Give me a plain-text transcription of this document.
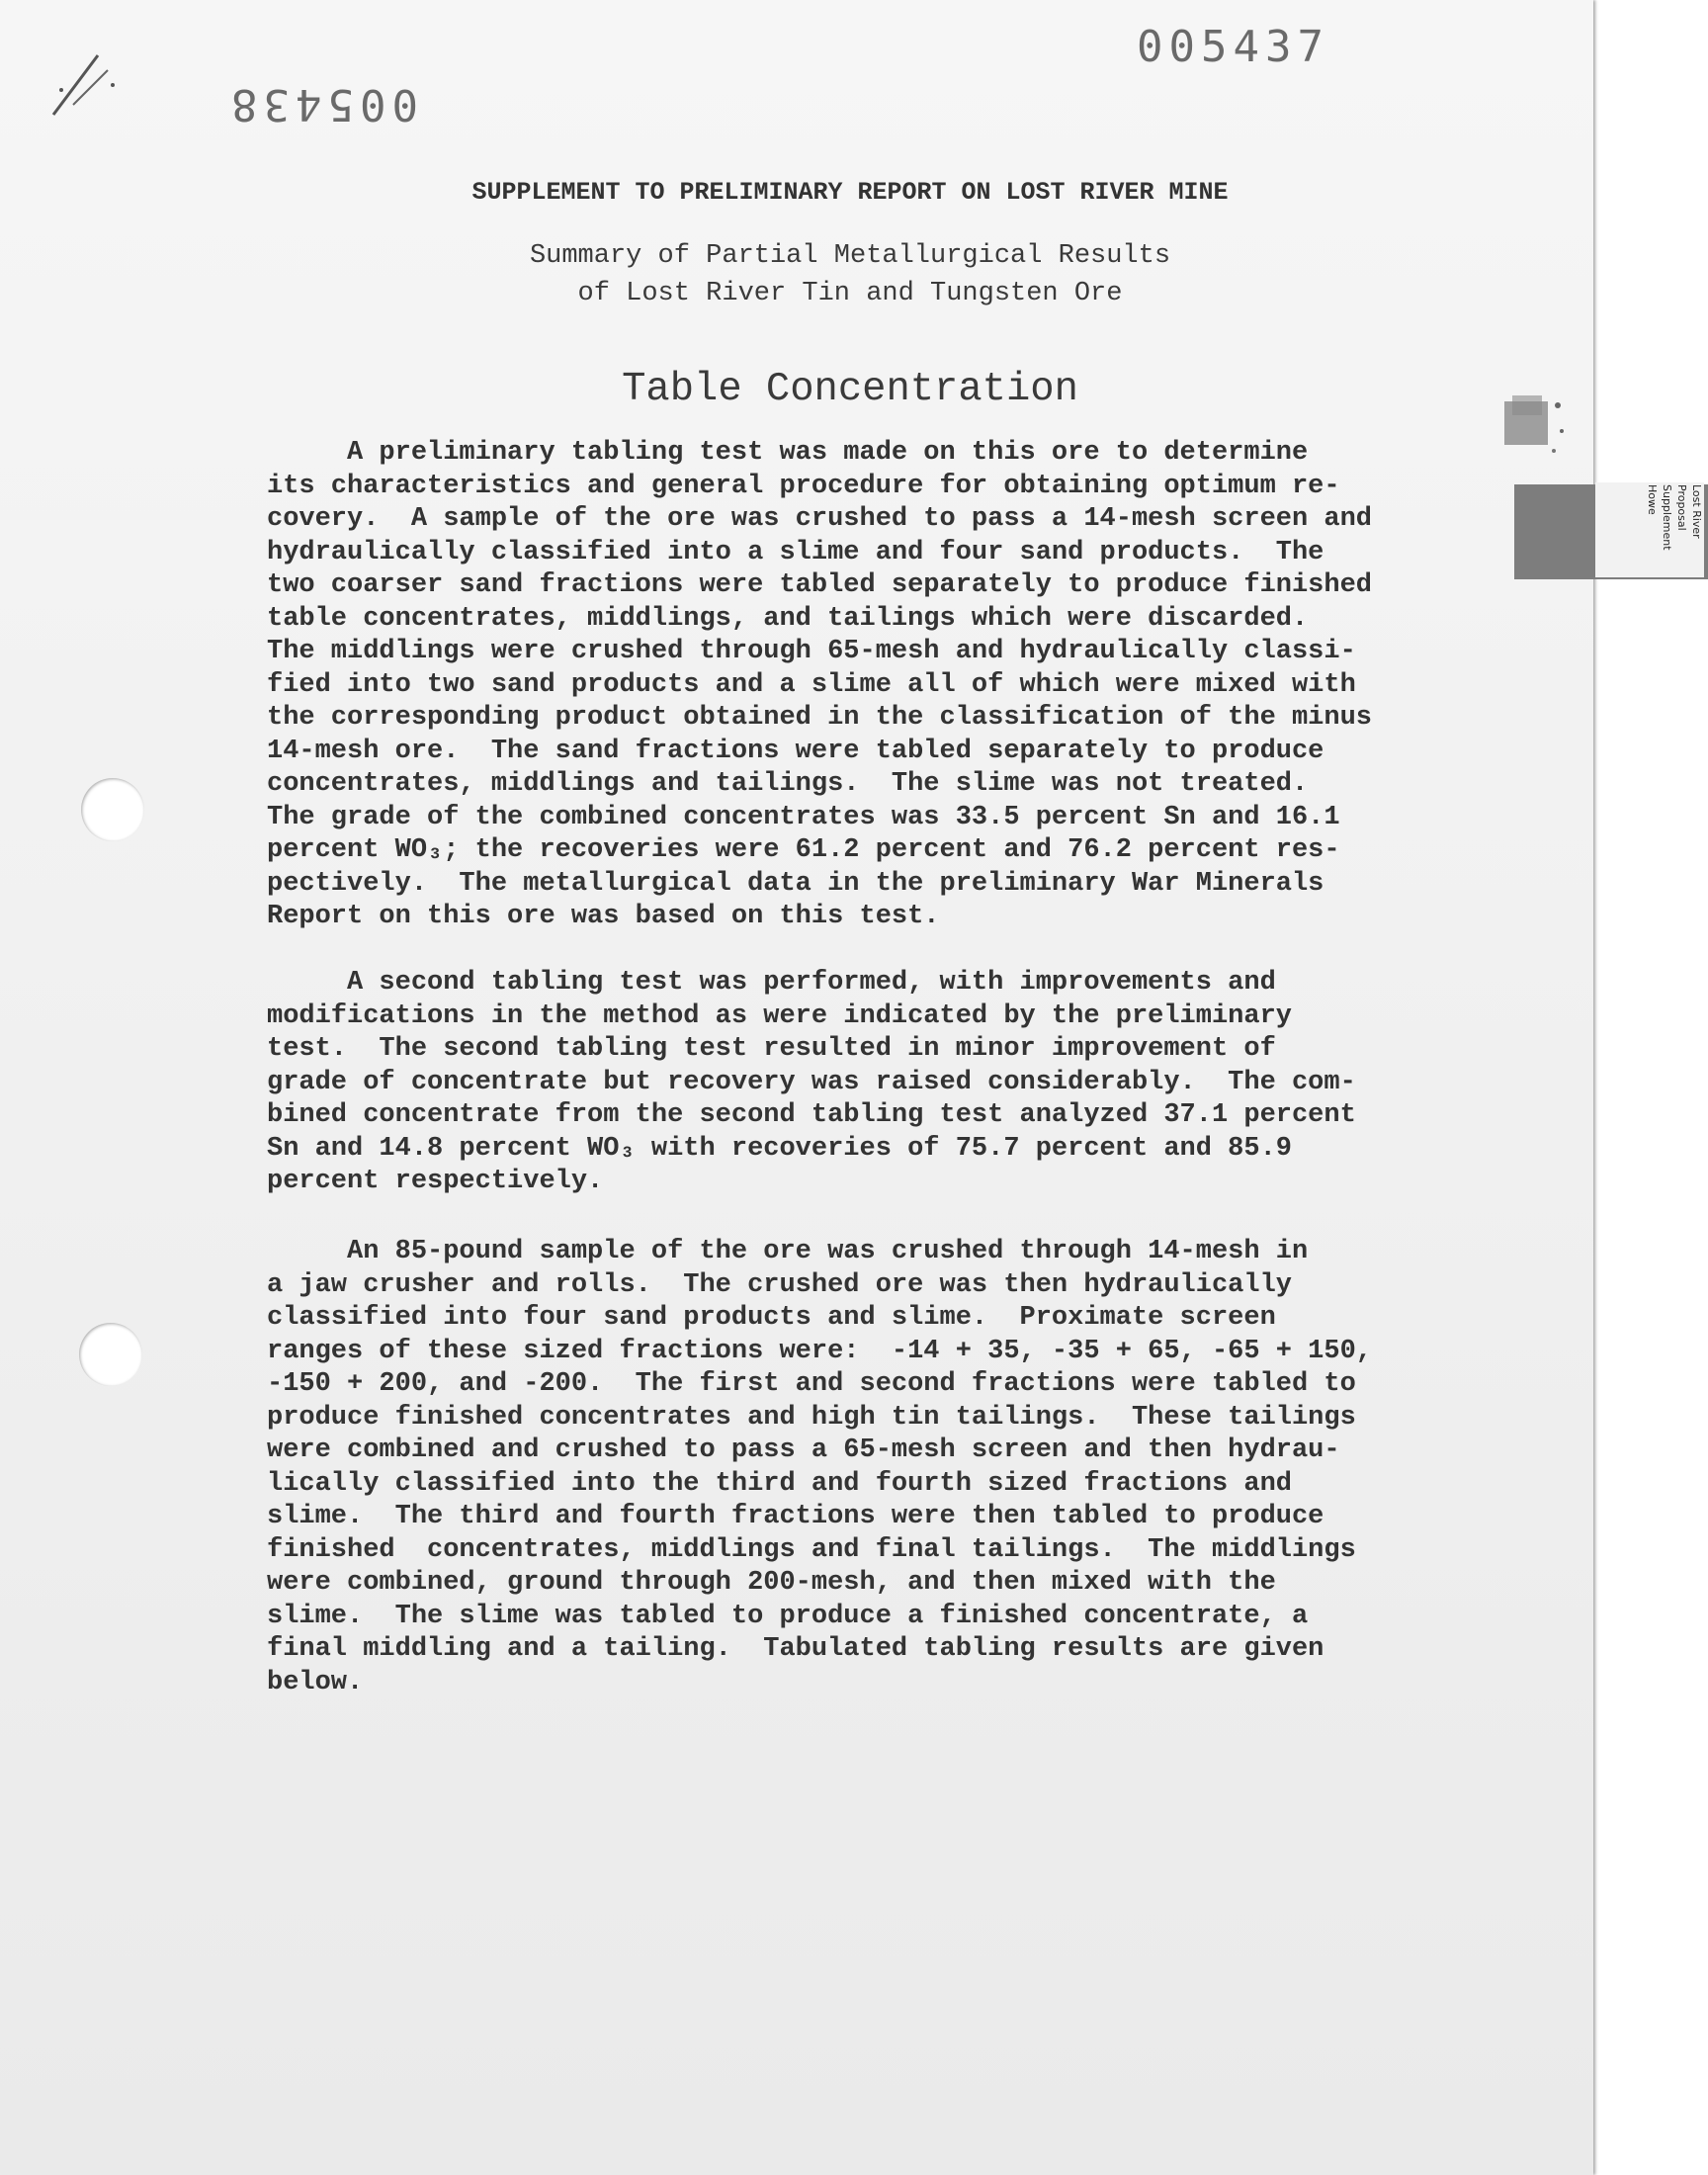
005437
005438
SUPPLEMENT TO PRELIMINARY REPORT ON LOST RIVER MINE
Summary of Partial Metallurgical Results
of Lost River Tin and Tungsten Ore
Table Concentration

A preliminary tabling test was made on this ore to determine
its characteristics and general procedure for obtaining optimum re-
covery.  A sample of the ore was crushed to pass a 14-mesh screen and
hydraulically classified into a slime and four sand products.  The
two coarser sand fractions were tabled separately to produce finished
table concentrates, middlings, and tailings which were discarded.
The middlings were crushed through 65-mesh and hydraulically classi-
fied into two sand products and a slime all of which were mixed with
the corresponding product obtained in the classification of the minus
14-mesh ore.  The sand fractions were tabled separately to produce
concentrates, middlings and tailings.  The slime was not treated.
The grade of the combined concentrates was 33.5 percent Sn and 16.1
percent WO₃; the recoveries were 61.2 percent and 76.2 percent res-
pectively.  The metallurgical data in the preliminary War Minerals
Report on this ore was based on this test.

A second tabling test was performed, with improvements and
modifications in the method as were indicated by the preliminary
test.  The second tabling test resulted in minor improvement of
grade of concentrate but recovery was raised considerably.  The com-
bined concentrate from the second tabling test analyzed 37.1 percent
Sn and 14.8 percent WO₃ with recoveries of 75.7 percent and 85.9
percent respectively.

An 85-pound sample of the ore was crushed through 14-mesh in
a jaw crusher and rolls.  The crushed ore was then hydraulically
classified into four sand products and slime.  Proximate screen
ranges of these sized fractions were:  -14 + 35, -35 + 65, -65 + 150,
-150 + 200, and -200.  The first and second fractions were tabled to
produce finished concentrates and high tin tailings.  These tailings
were combined and crushed to pass a 65-mesh screen and then hydrau-
lically classified into the third and fourth sized fractions and
slime.  The third and fourth fractions were then tabled to produce
finished  concentrates, middlings and final tailings.  The middlings
were combined, ground through 200-mesh, and then mixed with the
slime.  The slime was tabled to produce a finished concentrate, a
final middling and a tailing.  Tabulated tabling results are given
below.

Lost River
Proposal
Supplement
Howe
